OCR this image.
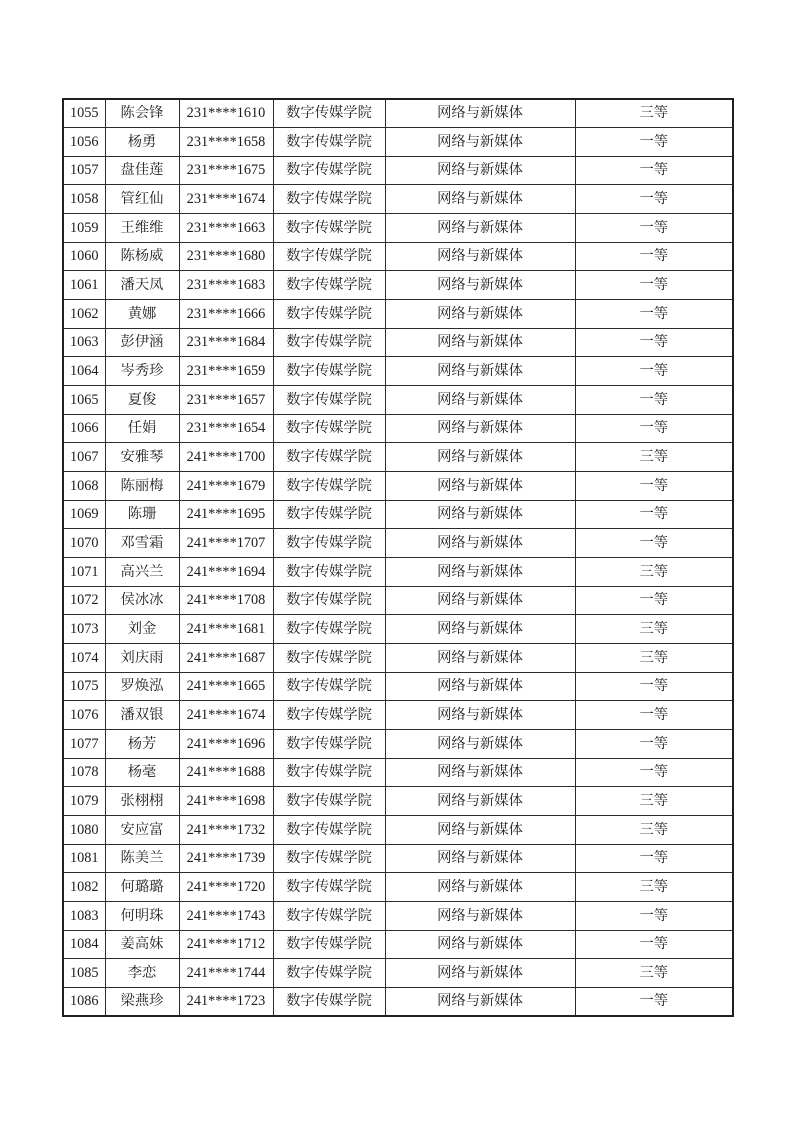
1055	陈会锋	231****1610	数字传媒学院	网络与新媒体	三等
1056	杨勇	231****1658	数字传媒学院	网络与新媒体	一等
1057	盘佳莲	231****1675	数字传媒学院	网络与新媒体	一等
1058	管红仙	231****1674	数字传媒学院	网络与新媒体	一等
1059	王维维	231****1663	数字传媒学院	网络与新媒体	一等
1060	陈杨威	231****1680	数字传媒学院	网络与新媒体	一等
1061	潘天凤	231****1683	数字传媒学院	网络与新媒体	一等
1062	黄娜	231****1666	数字传媒学院	网络与新媒体	一等
1063	彭伊涵	231****1684	数字传媒学院	网络与新媒体	一等
1064	岑秀珍	231****1659	数字传媒学院	网络与新媒体	一等
1065	夏俊	231****1657	数字传媒学院	网络与新媒体	一等
1066	任娟	231****1654	数字传媒学院	网络与新媒体	一等
1067	安雅琴	241****1700	数字传媒学院	网络与新媒体	三等
1068	陈丽梅	241****1679	数字传媒学院	网络与新媒体	一等
1069	陈珊	241****1695	数字传媒学院	网络与新媒体	一等
1070	邓雪霜	241****1707	数字传媒学院	网络与新媒体	一等
1071	高兴兰	241****1694	数字传媒学院	网络与新媒体	三等
1072	侯冰冰	241****1708	数字传媒学院	网络与新媒体	一等
1073	刘金	241****1681	数字传媒学院	网络与新媒体	三等
1074	刘庆雨	241****1687	数字传媒学院	网络与新媒体	三等
1075	罗焕泓	241****1665	数字传媒学院	网络与新媒体	一等
1076	潘双银	241****1674	数字传媒学院	网络与新媒体	一等
1077	杨芳	241****1696	数字传媒学院	网络与新媒体	一等
1078	杨毫	241****1688	数字传媒学院	网络与新媒体	一等
1079	张栩栩	241****1698	数字传媒学院	网络与新媒体	三等
1080	安应富	241****1732	数字传媒学院	网络与新媒体	三等
1081	陈美兰	241****1739	数字传媒学院	网络与新媒体	一等
1082	何璐璐	241****1720	数字传媒学院	网络与新媒体	三等
1083	何明珠	241****1743	数字传媒学院	网络与新媒体	一等
1084	姜高妹	241****1712	数字传媒学院	网络与新媒体	一等
1085	李恋	241****1744	数字传媒学院	网络与新媒体	三等
1086	梁燕珍	241****1723	数字传媒学院	网络与新媒体	一等
